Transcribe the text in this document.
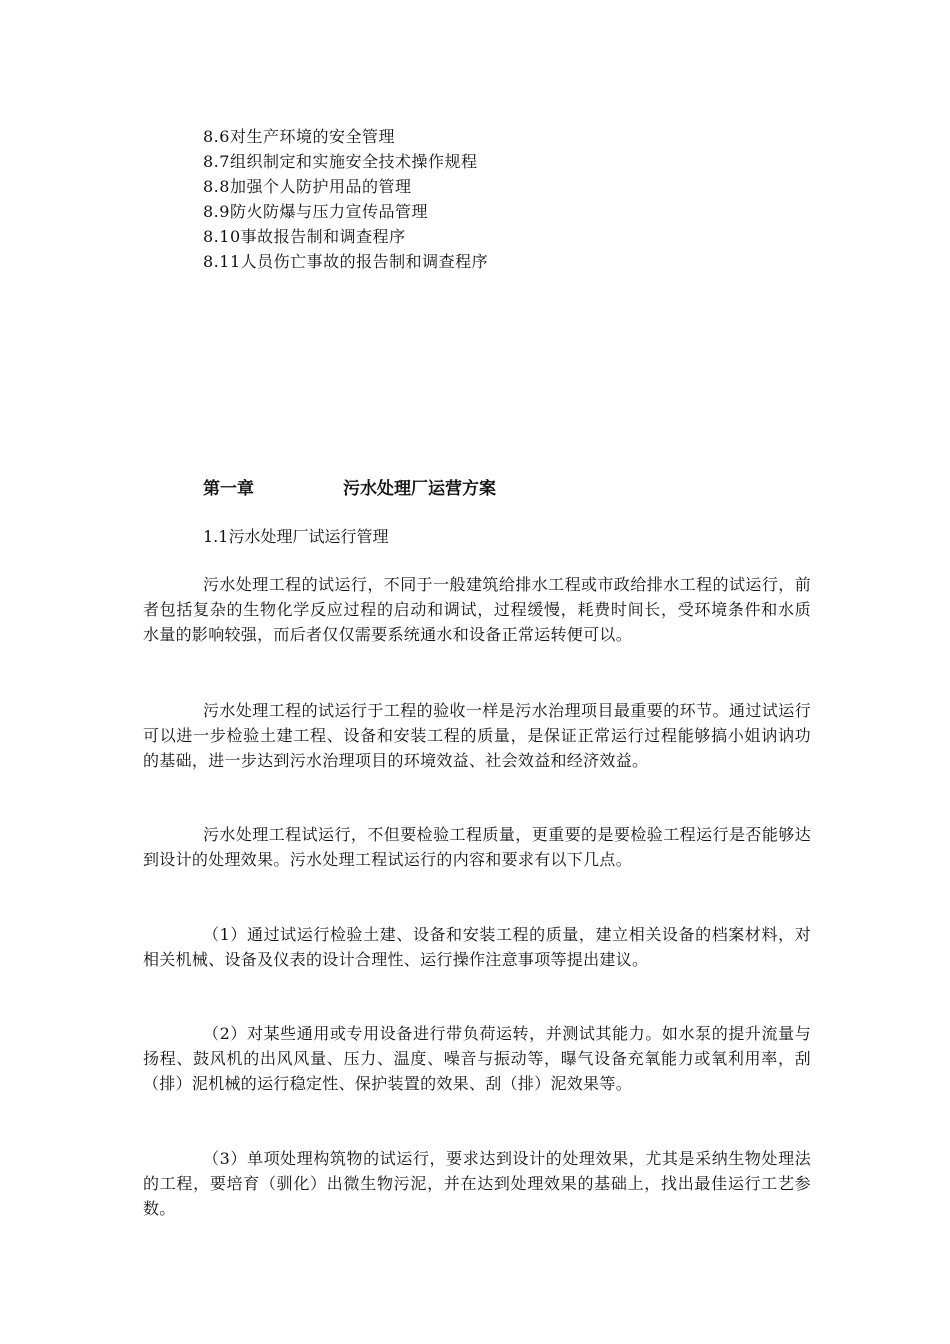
8.6对生产环境的安全管理
8.7组织制定和实施安全技术操作规程
8.8加强个人防护用品的管理
8.9防火防爆与压力宣传品管理
8.10事故报告制和调查程序
8.11人员伤亡事故的报告制和调查程序
第一章	污水处理厂运营方案
1.1污水处理厂试运行管理

污水处理工程的试运行，不同于一般建筑给排水工程或市政给排水工程的试运行，前者包括复杂的生物化学反应过程的启动和调试，过程缓慢，耗费时间长，受环境条件和水质水量的影响较强，而后者仅仅需要系统通水和设备正常运转便可以。

污水处理工程的试运行于工程的验收一样是污水治理项目最重要的环节。通过试运行可以进一步检验土建工程、设备和安装工程的质量，是保证正常运行过程能够搞小姐讷讷功的基础，进一步达到污水治理项目的环境效益、社会效益和经济效益。

污水处理工程试运行，不但要检验工程质量，更重要的是要检验工程运行是否能够达到设计的处理效果。污水处理工程试运行的内容和要求有以下几点。

（1）通过试运行检验土建、设备和安装工程的质量，建立相关设备的档案材料，对相关机械、设备及仪表的设计合理性、运行操作注意事项等提出建议。

（2）对某些通用或专用设备进行带负荷运转，并测试其能力。如水泵的提升流量与扬程、鼓风机的出风风量、压力、温度、噪音与振动等，曝气设备充氧能力或氧利用率，刮（排）泥机械的运行稳定性、保护装置的效果、刮（排）泥效果等。

（3）单项处理构筑物的试运行，要求达到设计的处理效果，尤其是采纳生物处理法的工程，要培育（驯化）出微生物污泥，并在达到处理效果的基础上，找出最佳运行工艺参数。
